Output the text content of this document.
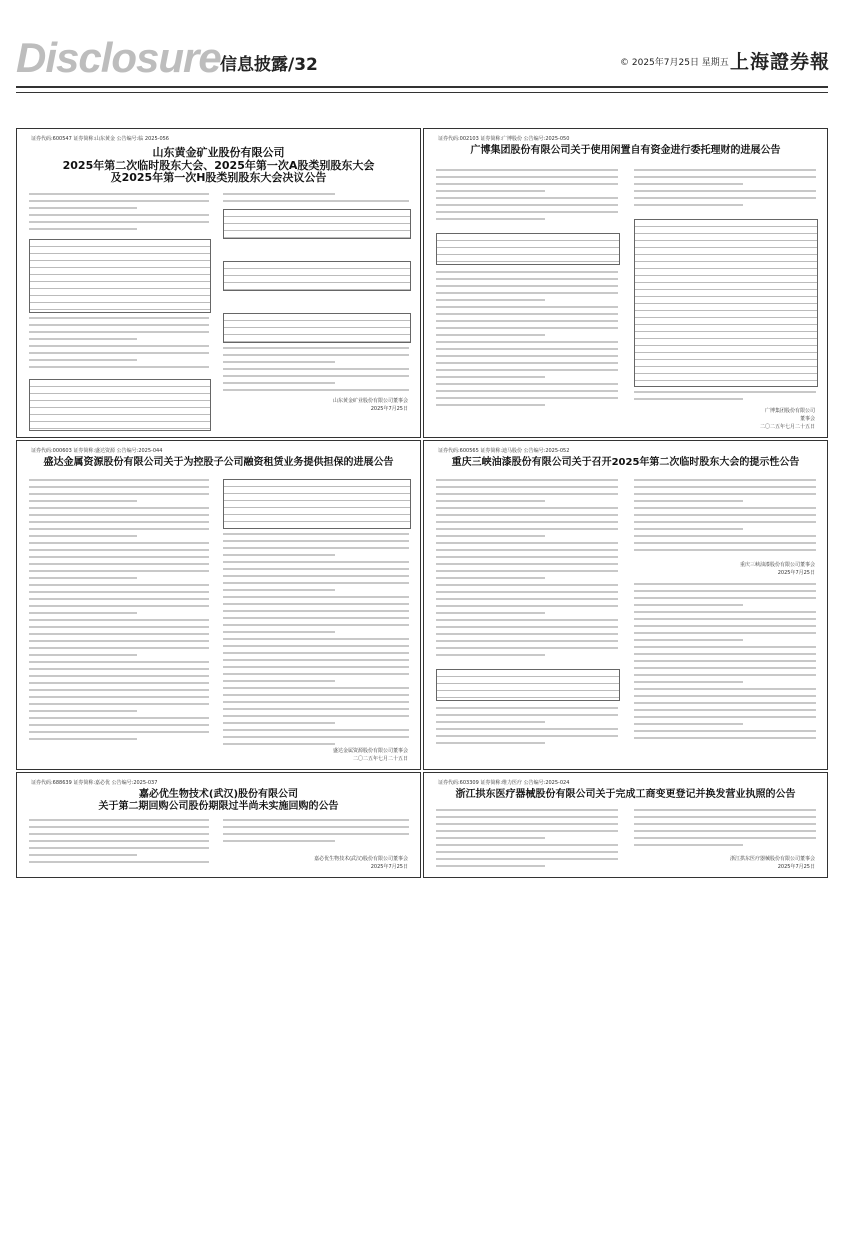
Disclosure 信息披露/32	© 2025年7月25日 星期五 上海證券報
证券代码:600547 证券简称:山东黄金 公告编号:临 2025-056
山东黄金矿业股份有限公司
2025年第二次临时股东大会、2025年第一次A股类别股东大会
及2025年第一次H股类别股东大会决议公告
山东黄金矿业股份有限公司董事会
2025年7月25日
证券代码:002103 证券简称:广博股份 公告编号:2025-050
广博集团股份有限公司关于使用闲置自有资金进行委托理财的进展公告
广博集团股份有限公司
董事会
二〇二五年七月二十五日
证券代码:000603 证券简称:盛达资源 公告编号:2025-044
盛达金属资源股份有限公司关于为控股子公司融资租赁业务提供担保的进展公告
盛达金属资源股份有限公司董事会
二〇二五年七月二十五日
证券代码:600565 证券简称:迪马股份 公告编号:2025-052
重庆三峡油漆股份有限公司关于召开2025年第二次临时股东大会的提示性公告
重庆三峡油漆股份有限公司董事会
2025年7月25日
证券代码:688639 证券简称:嘉必优 公告编号:2025-037
嘉必优生物技术(武汉)股份有限公司
关于第二期回购公司股份期限过半尚未实施回购的公告
嘉必优生物技术(武汉)股份有限公司董事会
2025年7月25日
证券代码:603309 证券简称:维力医疗 公告编号:2025-024
浙江拱东医疗器械股份有限公司关于完成工商变更登记并换发营业执照的公告
浙江拱东医疗器械股份有限公司董事会
2025年7月25日
